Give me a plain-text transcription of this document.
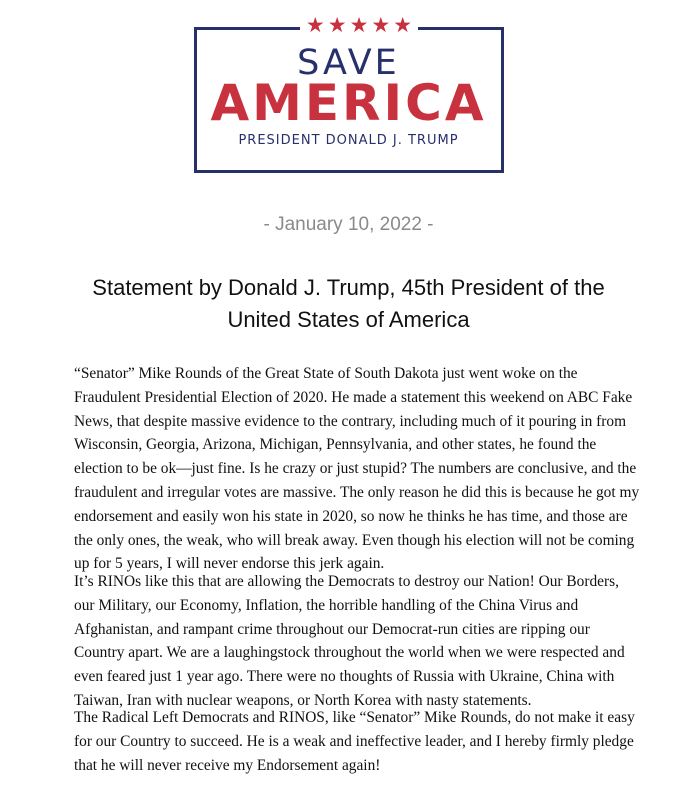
★ ★ ★ ★ ★
SAVE
AMERICA
PRESIDENT DONALD J. TRUMP
- January 10, 2022 -
Statement by Donald J. Trump, 45th President of the United States of America

“Senator” Mike Rounds of the Great State of South Dakota just went woke on the Fraudulent Presidential Election of 2020. He made a statement this weekend on ABC Fake News, that despite massive evidence to the contrary, including much of it pouring in from Wisconsin, Georgia, Arizona, Michigan, Pennsylvania, and other states, he found the election to be ok—just fine. Is he crazy or just stupid? The numbers are conclusive, and the fraudulent and irregular votes are massive. The only reason he did this is because he got my endorsement and easily won his state in 2020, so now he thinks he has time, and those are the only ones, the weak, who will break away. Even though his election will not be coming up for 5 years, I will never endorse this jerk again.

It’s RINOs like this that are allowing the Democrats to destroy our Nation! Our Borders, our Military, our Economy, Inflation, the horrible handling of the China Virus and Afghanistan, and rampant crime throughout our Democrat-run cities are ripping our Country apart. We are a laughingstock throughout the world when we were respected and even feared just 1 year ago. There were no thoughts of Russia with Ukraine, China with Taiwan, Iran with nuclear weapons, or North Korea with nasty statements.

The Radical Left Democrats and RINOS, like “Senator” Mike Rounds, do not make it easy for our Country to succeed. He is a weak and ineffective leader, and I hereby firmly pledge that he will never receive my Endorsement again!
